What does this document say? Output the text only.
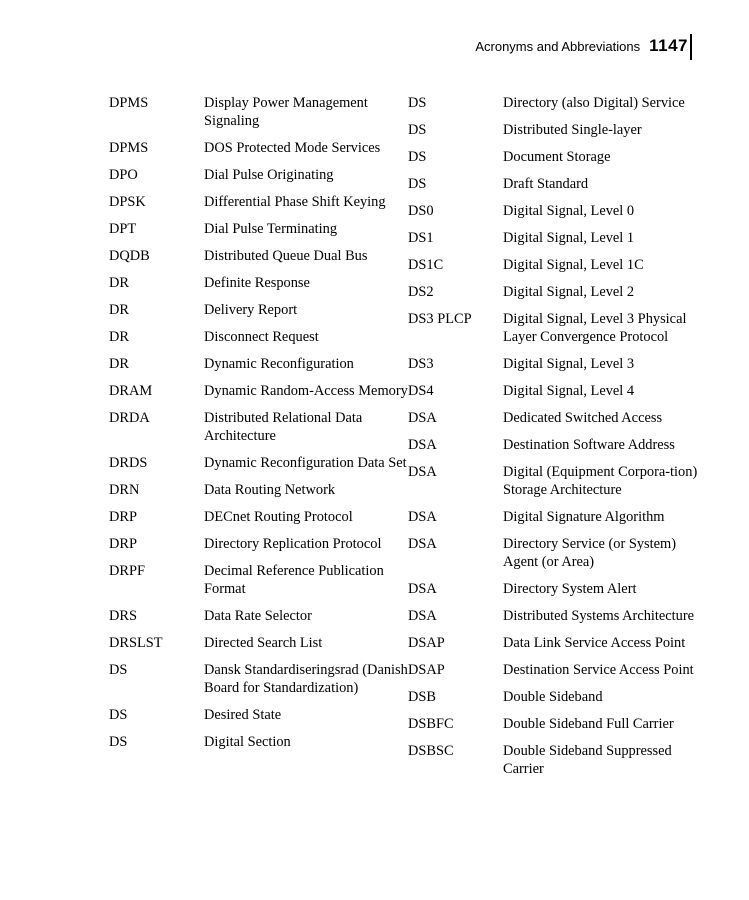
Acronyms and Abbreviations 1147
DPMS	Display Power Management Signaling
DPMS	DOS Protected Mode Services
DPO	Dial Pulse Originating
DPSK	Differential Phase Shift Keying
DPT	Dial Pulse Terminating
DQDB	Distributed Queue Dual Bus
DR	Definite Response
DR	Delivery Report
DR	Disconnect Request
DR	Dynamic Reconfiguration
DRAM	Dynamic Random-Access Memory
DRDA	Distributed Relational Data Architecture
DRDS	Dynamic Reconfiguration Data Set
DRN	Data Routing Network
DRP	DECnet Routing Protocol
DRP	Directory Replication Protocol
DRPF	Decimal Reference Publication Format
DRS	Data Rate Selector
DRSLST	Directed Search List
DS	Dansk Standardiseringsrad (Danish Board for Standardization)
DS	Desired State
DS	Digital Section
DS	Directory (also Digital) Service
DS	Distributed Single-layer
DS	Document Storage
DS	Draft Standard
DS0	Digital Signal, Level 0
DS1	Digital Signal, Level 1
DS1C	Digital Signal, Level 1C
DS2	Digital Signal, Level 2
DS3 PLCP	Digital Signal, Level 3 Physical Layer Convergence Protocol
DS3	Digital Signal, Level 3
DS4	Digital Signal, Level 4
DSA	Dedicated Switched Access
DSA	Destination Software Address
DSA	Digital (Equipment Corpora-tion) Storage Architecture
DSA	Digital Signature Algorithm
DSA	Directory Service (or System) Agent (or Area)
DSA	Directory System Alert
DSA	Distributed Systems Architecture
DSAP	Data Link Service Access Point
DSAP	Destination Service Access Point
DSB	Double Sideband
DSBFC	Double Sideband Full Carrier
DSBSC	Double Sideband Suppressed Carrier
